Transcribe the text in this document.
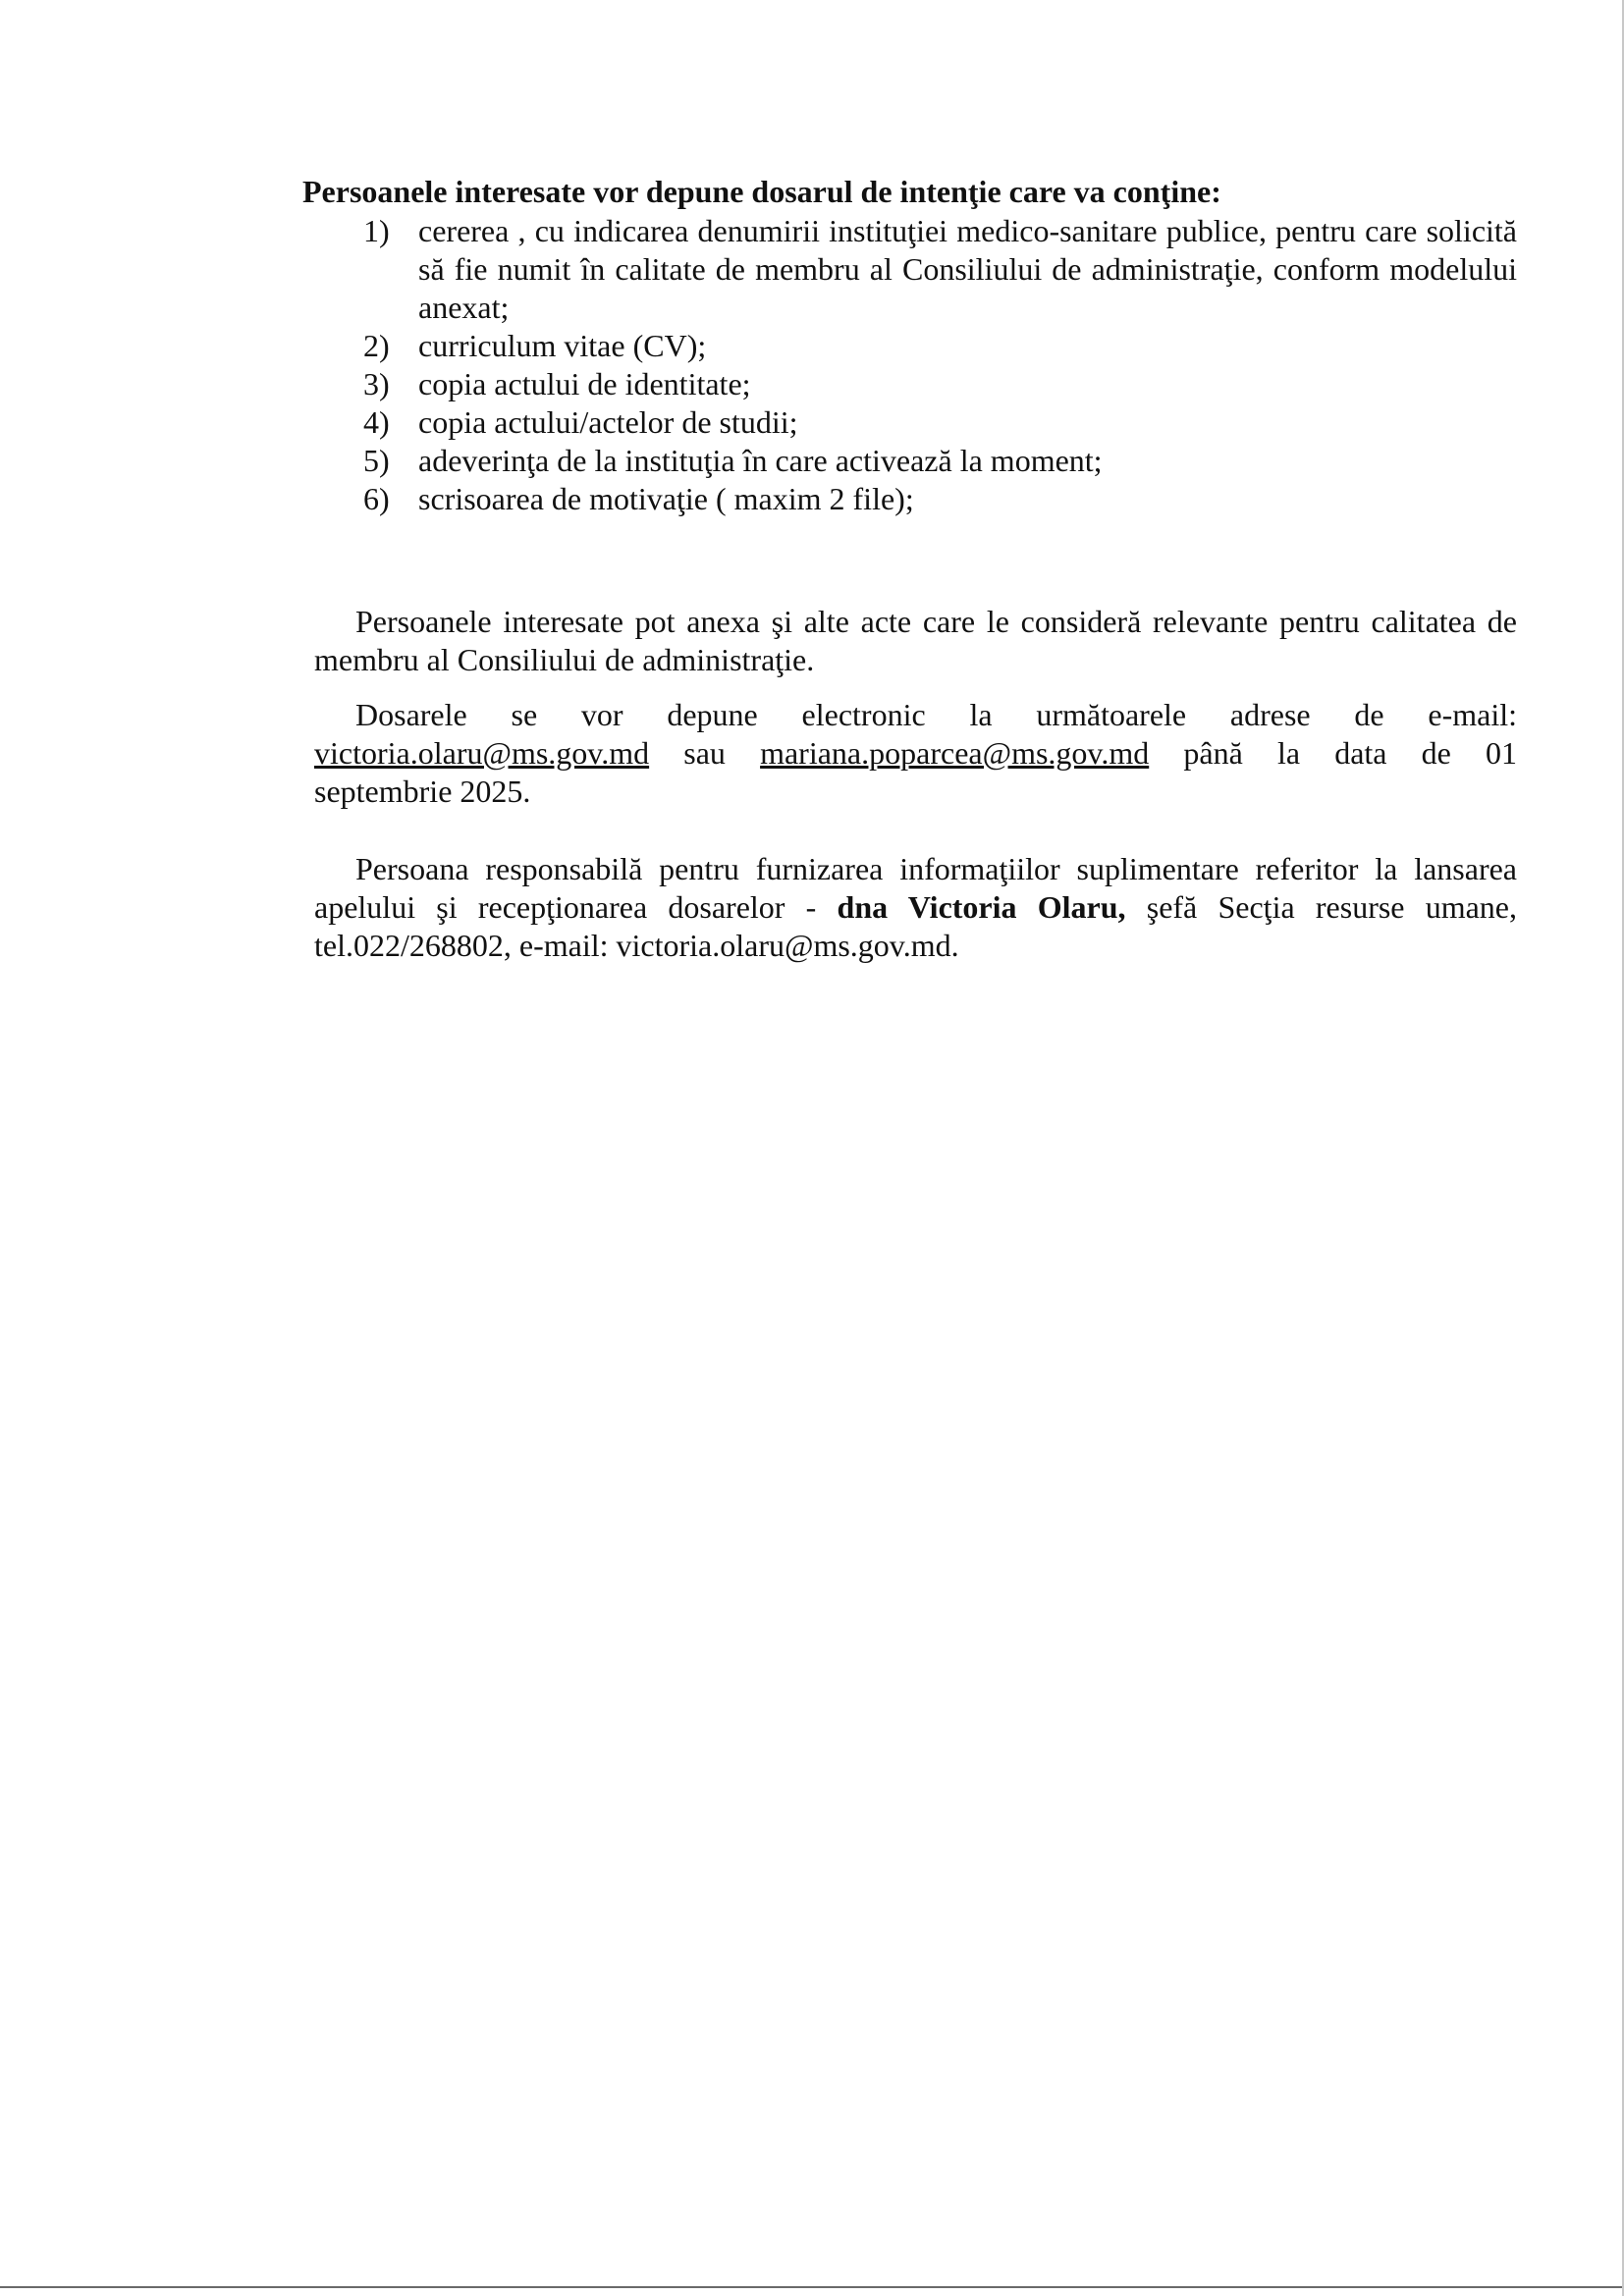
Persoanele interesate vor depune dosarul de intenţie care va conţine:
1) cererea , cu indicarea denumirii instituţiei medico-sanitare publice, pentru care solicită să fie numit în calitate de membru al Consiliului de administraţie, conform modelului anexat;
2) curriculum vitae (CV);
3) copia actului de identitate;
4) copia actului/actelor de studii;
5) adeverinţa de la instituţia în care activează la moment;
6) scrisoarea de motivaţie ( maxim 2 file);

Persoanele interesate pot anexa şi alte acte care le consideră relevante pentru calitatea de membru al Consiliului de administraţie.

Dosarele se vor depune electronic la următoarele adrese de e-mail:
victoria.olaru@ms.gov.md sau mariana.poparcea@ms.gov.md până la data de 01
septembrie 2025.

Persoana responsabilă pentru furnizarea informaţiilor suplimentare referitor la lansarea apelului şi recepţionarea dosarelor - dna Victoria Olaru, şefă Secţia resurse umane, tel.022/268802, e-mail: victoria.olaru@ms.gov.md.
